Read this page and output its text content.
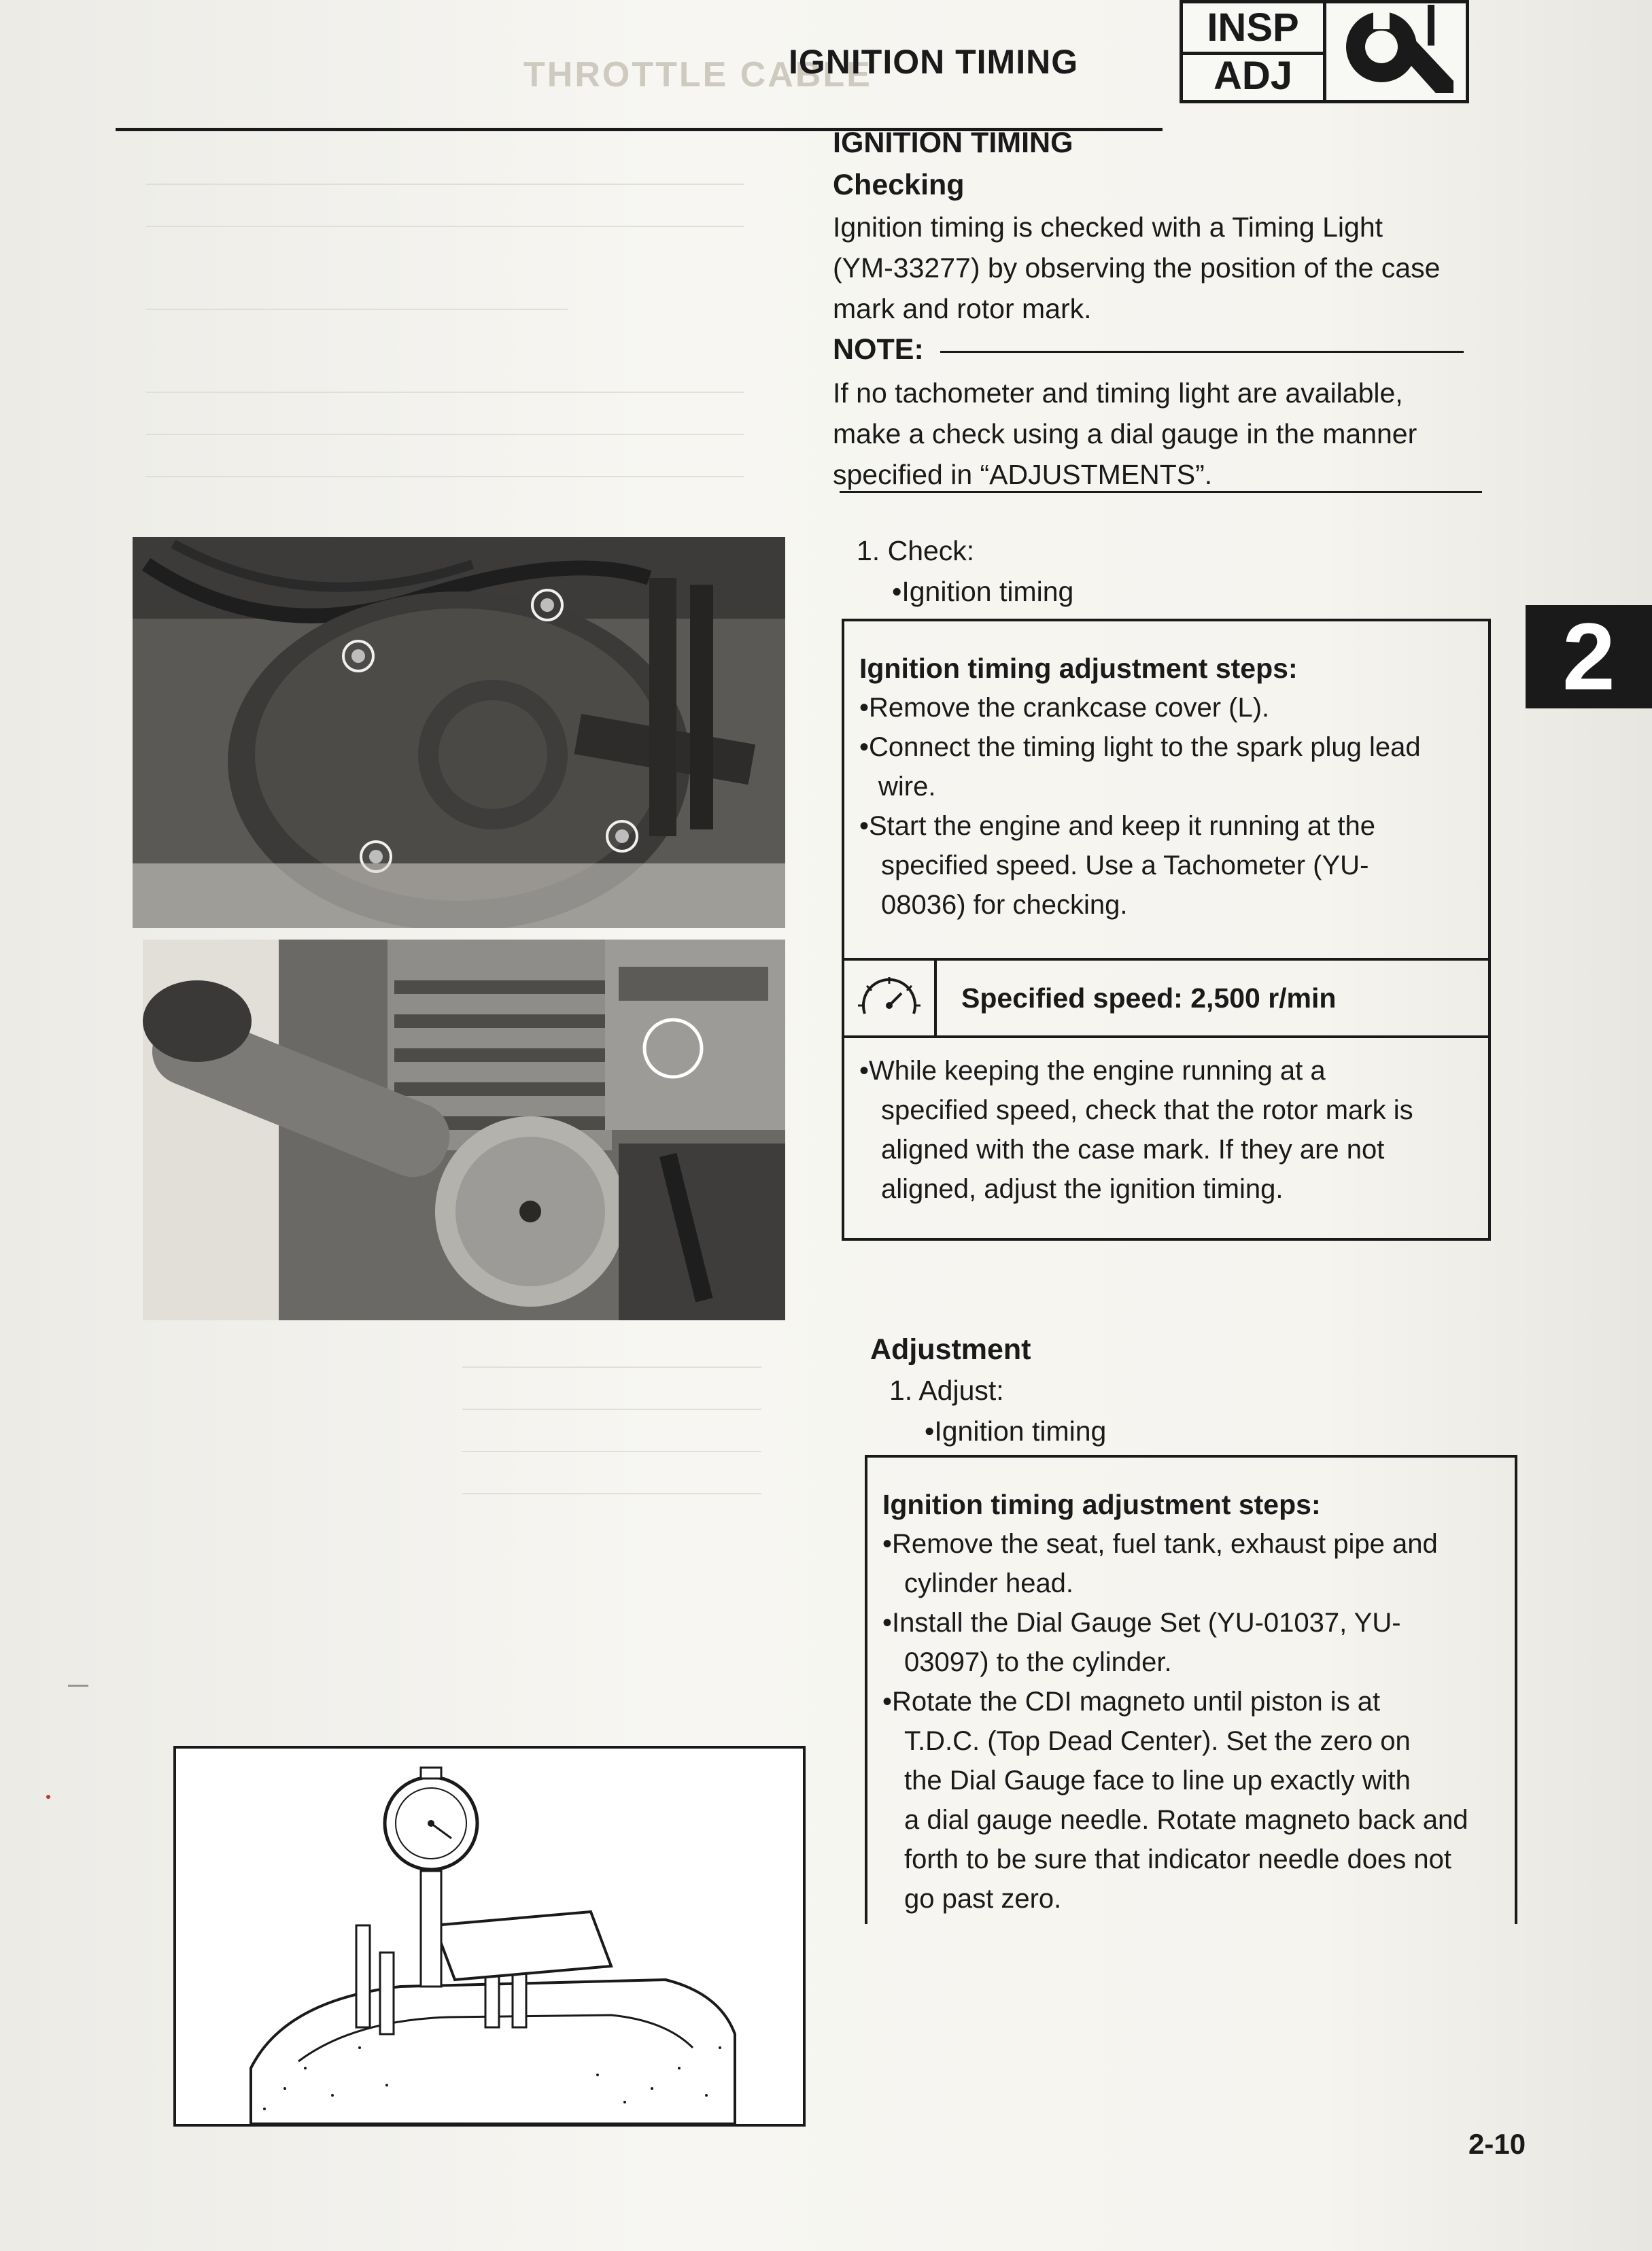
THROTTLE CABLE
IGNITION TIMING
INSP
ADJ
IGNITION TIMING
Checking
Ignition timing is checked with a Timing Light
(YM-33277) by observing the position of the case
mark and rotor mark.
NOTE:
If no tachometer and timing light are available,
make a check using a dial gauge in the manner
specified in “ADJUSTMENTS”.
1. Check:
•Ignition timing
Ignition timing adjustment steps:
•Remove the crankcase cover (L).
•Connect the timing light to the spark plug lead
wire.
•Start the engine and keep it running at the
specified speed. Use a Tachometer (YU-
08036) for checking.
Specified speed: 2,500 r/min
•While keeping the engine running at a
specified speed, check that the rotor mark is
aligned with the case mark. If they are not
aligned, adjust the ignition timing.
Adjustment
1. Adjust:
•Ignition timing
Ignition timing adjustment steps:
•Remove the seat, fuel tank, exhaust pipe and
cylinder head.
•Install the Dial Gauge Set (YU-01037, YU-
03097) to the cylinder.
•Rotate the CDI magneto until piston is at
T.D.C. (Top Dead Center). Set the zero on
the Dial Gauge face to line up exactly with
a dial gauge needle. Rotate magneto back and
forth to be sure that indicator needle does not
go past zero.
2
2-10
